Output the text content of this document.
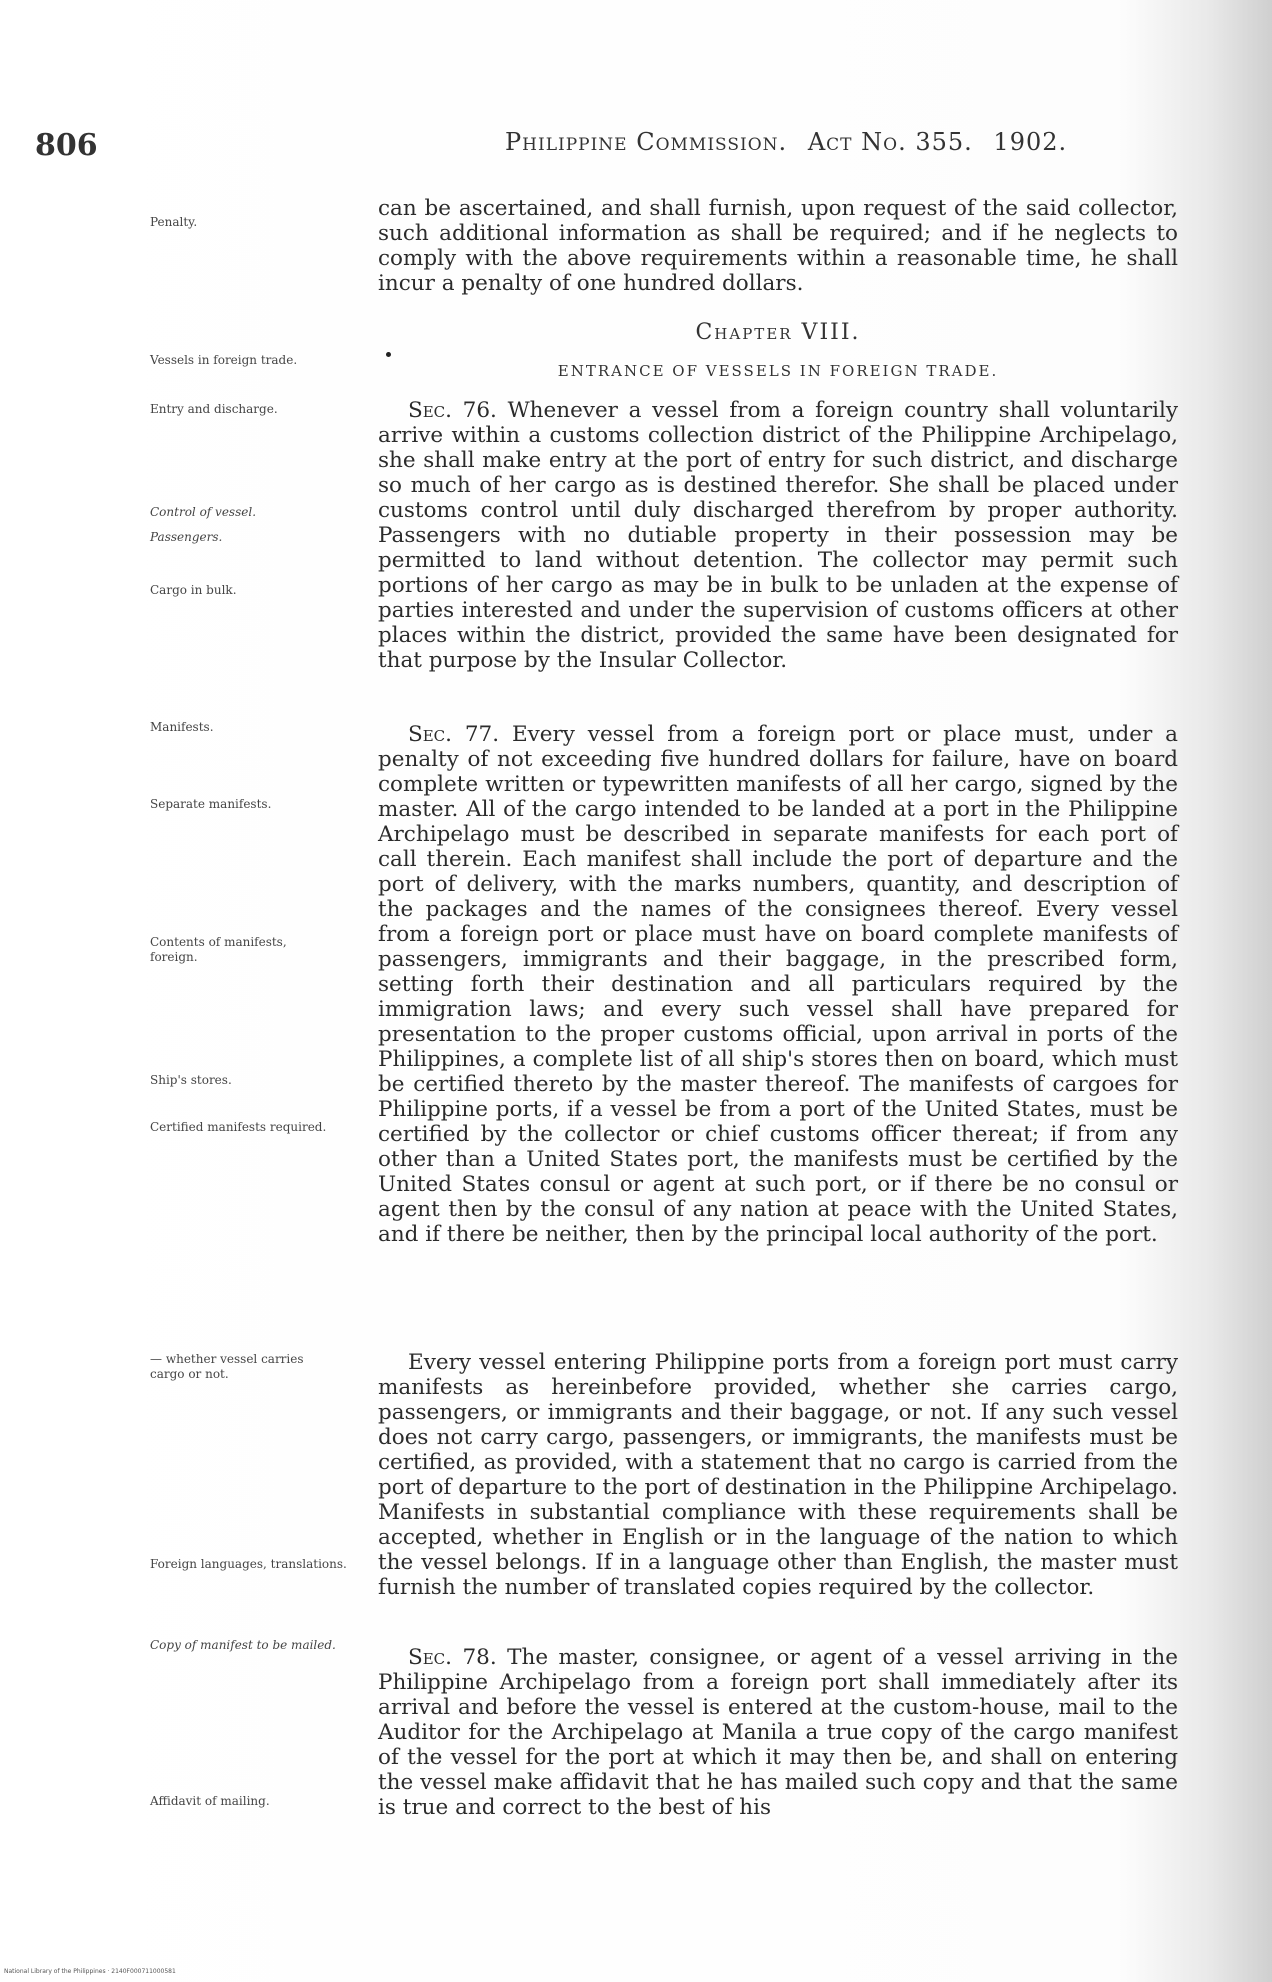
806	Philippine Commission. Act No. 355. 1902.
Penalty.
Vessels in foreign trade.
Entry and discharge.
Control of vessel.
Passengers.
Cargo in bulk.
Manifests.
Separate manifests.
Contents of manifests, foreign.
Ship's stores.
Certified manifests required.
— whether vessel carries cargo or not.
Foreign languages, translations.
Copy of manifest to be mailed.
Affidavit of mailing.

can be ascertained, and shall furnish, upon request of the said collector, such additional information as shall be required; and if he neglects to comply with the above requirements within a reasonable time, he shall incur a penalty of one hundred dollars.

Chapter VIII.
ENTRANCE OF VESSELS IN FOREIGN TRADE.

Sec. 76. Whenever a vessel from a foreign country shall voluntarily arrive within a customs collection district of the Philippine Archipelago, she shall make entry at the port of entry for such district, and discharge so much of her cargo as is destined therefor. She shall be placed under customs control until duly discharged therefrom by proper authority. Passengers with no dutiable property in their possession may be permitted to land without detention. The collector may permit such portions of her cargo as may be in bulk to be unladen at the expense of parties interested and under the supervision of customs officers at other places within the district, provided the same have been designated for that purpose by the Insular Collector.

Sec. 77. Every vessel from a foreign port or place must, under a penalty of not exceeding five hundred dollars for failure, have on board complete written or typewritten manifests of all her cargo, signed by the master. All of the cargo intended to be landed at a port in the Philippine Archipelago must be described in separate manifests for each port of call therein. Each manifest shall include the port of departure and the port of delivery, with the marks numbers, quantity, and description of the packages and the names of the consignees thereof. Every vessel from a foreign port or place must have on board complete manifests of passengers, immigrants and their baggage, in the prescribed form, setting forth their destination and all particulars required by the immigration laws; and every such vessel shall have prepared for presentation to the proper customs official, upon arrival in ports of the Philippines, a complete list of all ship's stores then on board, which must be certified thereto by the master thereof. The manifests of cargoes for Philippine ports, if a vessel be from a port of the United States, must be certified by the collector or chief customs officer thereat; if from any other than a United States port, the manifests must be certified by the United States consul or agent at such port, or if there be no consul or agent then by the consul of any nation at peace with the United States, and if there be neither, then by the principal local authority of the port.

Every vessel entering Philippine ports from a foreign port must carry manifests as hereinbefore provided, whether she carries cargo, passengers, or immigrants and their baggage, or not. If any such vessel does not carry cargo, passengers, or immigrants, the manifests must be certified, as provided, with a statement that no cargo is carried from the port of departure to the port of destination in the Philippine Archipelago. Manifests in substantial compliance with these requirements shall be accepted, whether in English or in the language of the nation to which the vessel belongs. If in a language other than English, the master must furnish the number of translated copies required by the collector.

Sec. 78. The master, consignee, or agent of a vessel arriving in the Philippine Archipelago from a foreign port shall immediately after its arrival and before the vessel is entered at the custom-house, mail to the Auditor for the Archipelago at Manila a true copy of the cargo manifest of the vessel for the port at which it may then be, and shall on entering the vessel make affidavit that he has mailed such copy and that the same is true and correct to the best of his

National Library of the Philippines · 2140F000711000581
